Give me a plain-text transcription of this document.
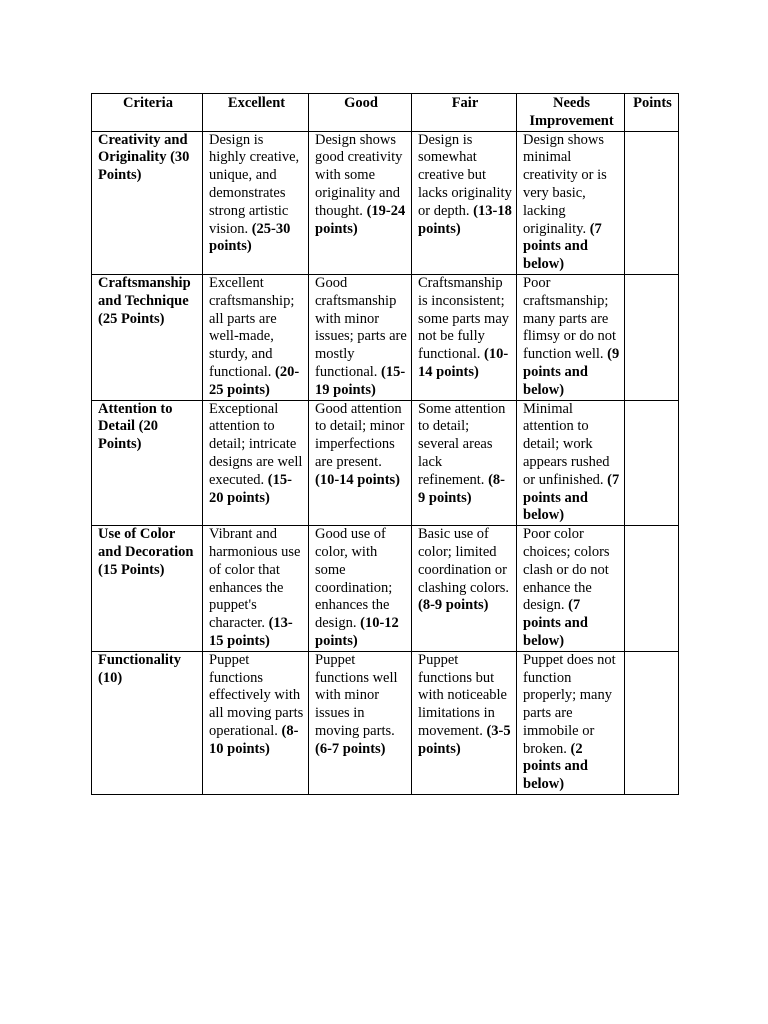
Criteria	Excellent	Good	Fair	Needs Improvement	Points
Creativity and Originality (30 Points)	Design is highly creative, unique, and demonstrates strong artistic vision. (25-30 points)	Design shows good creativity with some originality and thought. (19-24 points)	Design is somewhat creative but lacks originality or depth. (13-18 points)	Design shows minimal creativity or is very basic, lacking originality. (7 points and below)	
Craftsmanship and Technique (25 Points)	Excellent craftsmanship; all parts are well-made, sturdy, and functional. (20-25 points)	Good craftsmanship with minor issues; parts are mostly functional. (15-19 points)	Craftsmanship is inconsistent; some parts may not be fully functional. (10-14 points)	Poor craftsmanship; many parts are flimsy or do not function well. (9 points and below)	
Attention to Detail (20 Points)	Exceptional attention to detail; intricate designs are well executed. (15-20 points)	Good attention to detail; minor imperfections are present. (10-14 points)	Some attention to detail; several areas lack refinement. (8-9 points)	Minimal attention to detail; work appears rushed or unfinished. (7 points and below)	
Use of Color and Decoration (15 Points)	Vibrant and harmonious use of color that enhances the puppet's character. (13-15 points)	Good use of color, with some coordination; enhances the design. (10-12 points)	Basic use of color; limited coordination or clashing colors. (8-9 points)	Poor color choices; colors clash or do not enhance the design. (7 points and below)	
Functionality (10)	Puppet functions effectively with all moving parts operational. (8-10 points)	Puppet functions well with minor issues in moving parts. (6-7 points)	Puppet functions but with noticeable limitations in movement. (3-5 points)	Puppet does not function properly; many parts are immobile or broken. (2 points and below)	
